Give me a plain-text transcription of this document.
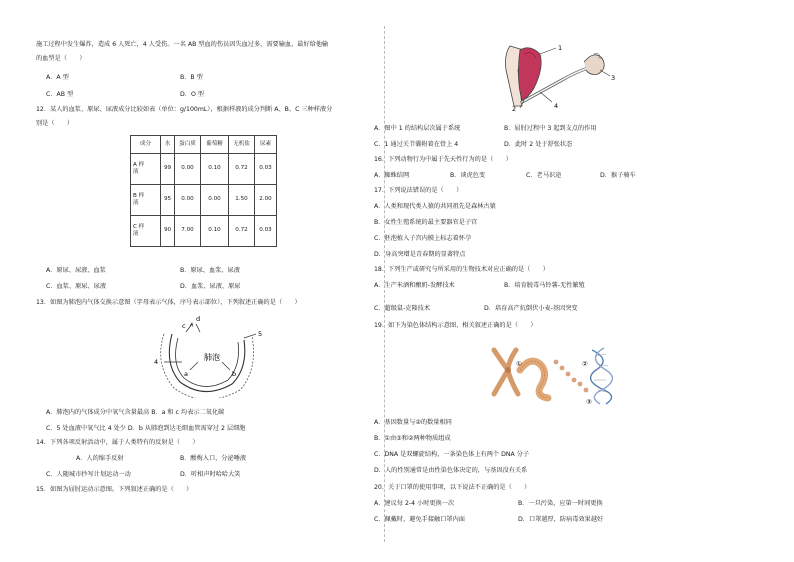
施工过程中发生爆炸，造成 6 人死亡，4 人受伤。一名 AB 型血的伤员因失血过多，需要输血，最好给他输
的血型是（　　）
A．A 型	B．B 型
C．AB 型	D．O 型
12．某人的血浆、原尿、尿液成分比较如表（单位：g/100mL），根据样液的成分判断 A、B、C 三种样液分
别是（　　）
成分	水	蛋白质	葡萄糖	无机盐	尿素
A 样
液	99	0.00	0.10	0.72	0.03
B 样
液	95	0.00	0.00	1.50	2.00
C 样
液	90	7.00	0.10	0.72	0.03
A．原尿、尿液、血浆	B．原尿、血浆、尿液
C．血浆、原尿、尿液	D．血浆、尿液、原尿
13．如图为肺泡内气体交换示意图（字母表示气体，序号表示部位），下列叙述正确的是（　　）
肺泡
c
d
5
4
a	b
A．肺泡内的气体成分中氧气含量最高 B．a 和 c 均表示二氧化碳
C．5 处血液中氧气比 4 处少 D．b 从肺泡到达毛细血管需穿过 2 层细胞
14．下列各项反射活动中，属于人类特有的反射是（　　）
A．人的缩手反射	B．酸梅入口，分泌唾液
C．人随城市抄写计划运动一动	D．听相声时哈哈大笑
15．如图为屈肘运动示意图。下列叙述正确的是（　　）
1
2
3
4
A．图中 1 的结构层次属于系统	B．屈肘过程中 3 起到支点的作用
C．1 通过关节囊附着在骨上 4	D．此时 2 处于舒张状态
16．下列动物行为中属于先天性行为的是（　　）
A．蜘蛛结网	B．谈虎色变	C．老马识途	D．猴子骑车
17．下列说法错误的是（　　）
A．人类和现代类人猿的共同祖先是森林古猿
B．女性生殖系统的最主要器官是子宫
C．胚泡植入子宫内膜上标志着怀孕
D．身高突增是青春期的显著特点
18．下列生产或研究与所采用的生物技术对应正确的是（　　）
A．生产米酒和酿奶-发酵技术	B．培育脱毒马铃薯-无性繁殖
C．超级鼠-克隆技术	D．培育高产抗倒伏小麦-基因突变
19．如下为染色体结构示意图，相关叙述正确的是（　　）
①	②
③
A．基因数量与②的数量相同
B．①由③和②两种物质组成
C．DNA 是双螺旋结构，一条染色体上有两个 DNA 分子
D．人的性别通常是由性染色体决定的，与基因没有关系
20．关于口罩的使用事项，以下说法不正确的是（　　）
A．建议每 2-4 小时更换一次	B．一旦污染，应第一时间更换
C．佩戴时，避免手接触口罩内面	D．口罩越厚，防病毒效果越好
